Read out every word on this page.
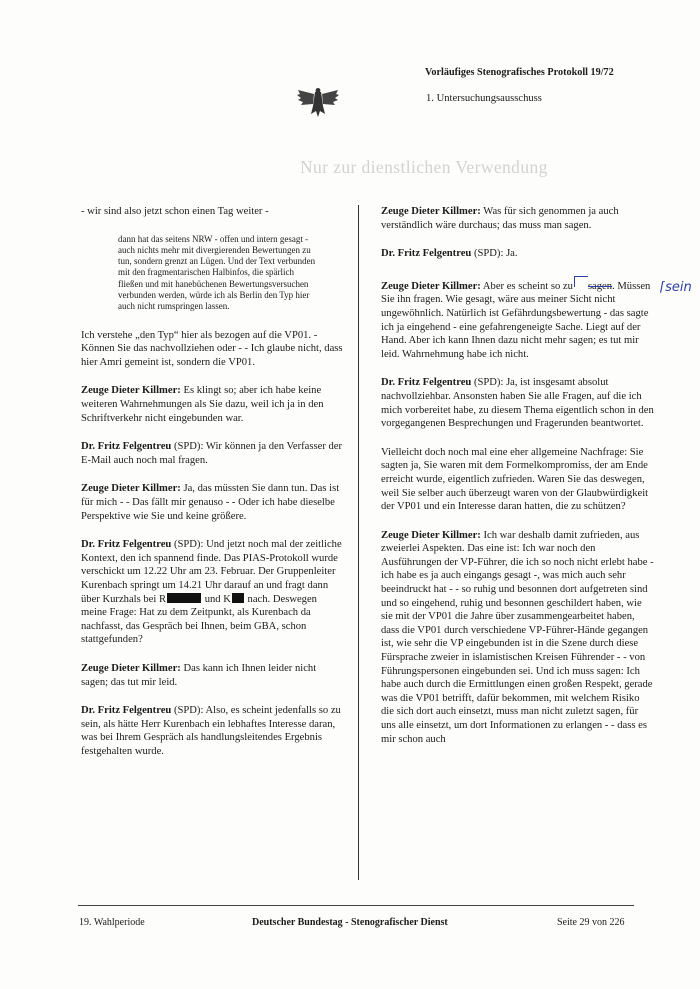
Vorläufiges Stenografisches Protokoll 19/72
1. Untersuchungsausschuss
Nur zur dienstlichen Verwendung

- wir sind also jetzt schon einen Tag weiter -

dann hat das seitens NRW - offen und intern gesagt - auch nichts mehr mit divergierenden Bewertungen zu tun, sondern grenzt an Lügen. Und der Text verbunden mit den fragmentarischen Halbinfos, die spärlich fließen und mit hanebüchenen Bewertungsversuchen verbunden werden, würde ich als Berlin den Typ hier auch nicht rumspringen lassen.

Ich verstehe „den Typ“ hier als bezogen auf die VP01. - Können Sie das nachvollziehen oder - - Ich glaube nicht, dass hier Amri gemeint ist, sondern die VP01.

Zeuge Dieter Killmer: Es klingt so; aber ich habe keine weiteren Wahrnehmungen als Sie dazu, weil ich ja in den Schriftverkehr nicht eingebunden war.

Dr. Fritz Felgentreu (SPD): Wir können ja den Verfasser der E-Mail auch noch mal fragen.

Zeuge Dieter Killmer: Ja, das müssten Sie dann tun. Das ist für mich - - Das fällt mir genauso - - Oder ich habe dieselbe Perspektive wie Sie und keine größere.

Dr. Fritz Felgentreu (SPD): Und jetzt noch mal der zeitliche Kontext, den ich spannend finde. Das PIAS-Protokoll wurde verschickt um 12.22 Uhr am 23. Februar. Der Gruppenleiter Kurenbach springt um 14.21 Uhr darauf an und fragt dann über Kurzhals bei R	und K nach. Deswegen meine Frage: Hat zu dem Zeitpunkt, als Kurenbach da nachfasst, das Gespräch bei Ihnen, beim GBA, schon stattgefunden?

Zeuge Dieter Killmer: Das kann ich Ihnen leider nicht sagen; das tut mir leid.

Dr. Fritz Felgentreu (SPD): Also, es scheint jedenfalls so zu sein, als hätte Herr Kurenbach ein lebhaftes Interesse daran, was bei Ihrem Gespräch als handlungsleitendes Ergebnis festgehalten wurde.

Zeuge Dieter Killmer: Was für sich genommen ja auch verständlich wäre durchaus; das muss man sagen.

Dr. Fritz Felgentreu (SPD): Ja.

Zeuge Dieter Killmer: Aber es scheint so zu sagen. Müssen Sie ihn fragen. Wie gesagt, wäre aus meiner Sicht nicht ungewöhnlich. Natürlich ist Gefährdungsbewertung - das sagte ich ja eingehend - eine gefahrengeneigte Sache. Liegt auf der Hand. Aber ich kann Ihnen dazu nicht mehr sagen; es tut mir leid. Wahrnehmung habe ich nicht.

Dr. Fritz Felgentreu (SPD): Ja, ist insgesamt absolut nachvollziehbar. Ansonsten haben Sie alle Fragen, auf die ich mich vorbereitet habe, zu diesem Thema eigentlich schon in den vorgegangenen Besprechungen und Fragerunden beantwortet.

Vielleicht doch noch mal eine eher allgemeine Nachfrage: Sie sagten ja, Sie waren mit dem Formelkompromiss, der am Ende erreicht wurde, eigentlich zufrieden. Waren Sie das deswegen, weil Sie selber auch überzeugt waren von der Glaubwürdigkeit der VP01 und ein Interesse daran hatten, die zu schützen?

Zeuge Dieter Killmer: Ich war deshalb damit zufrieden, aus zweierlei Aspekten. Das eine ist: Ich war noch den Ausführungen der VP-Führer, die ich so noch nicht erlebt habe - ich habe es ja auch eingangs gesagt -, was mich auch sehr beeindruckt hat - - so ruhig und besonnen dort aufgetreten sind und so eingehend, ruhig und besonnen geschildert haben, wie sie mit der VP01 die Jahre über zusammengearbeitet haben, dass die VP01 durch verschiedene VP-Führer-Hände gegangen ist, wie sehr die VP eingebunden ist in die Szene durch diese Fürsprache zweier in islamistischen Kreisen Führender - - von Führungspersonen eingebunden sei. Und ich muss sagen: Ich habe auch durch die Ermittlungen einen großen Respekt, gerade was die VP01 betrifft, dafür bekommen, mit welchem Risiko die sich dort auch einsetzt, muss man nicht zuletzt sagen, für uns alle einsetzt, um dort Informationen zu erlangen - - dass es mir schon auch

⌈sein
19. Wahlperiode	Deutscher Bundestag - Stenografischer Dienst	Seite 29 von 226
